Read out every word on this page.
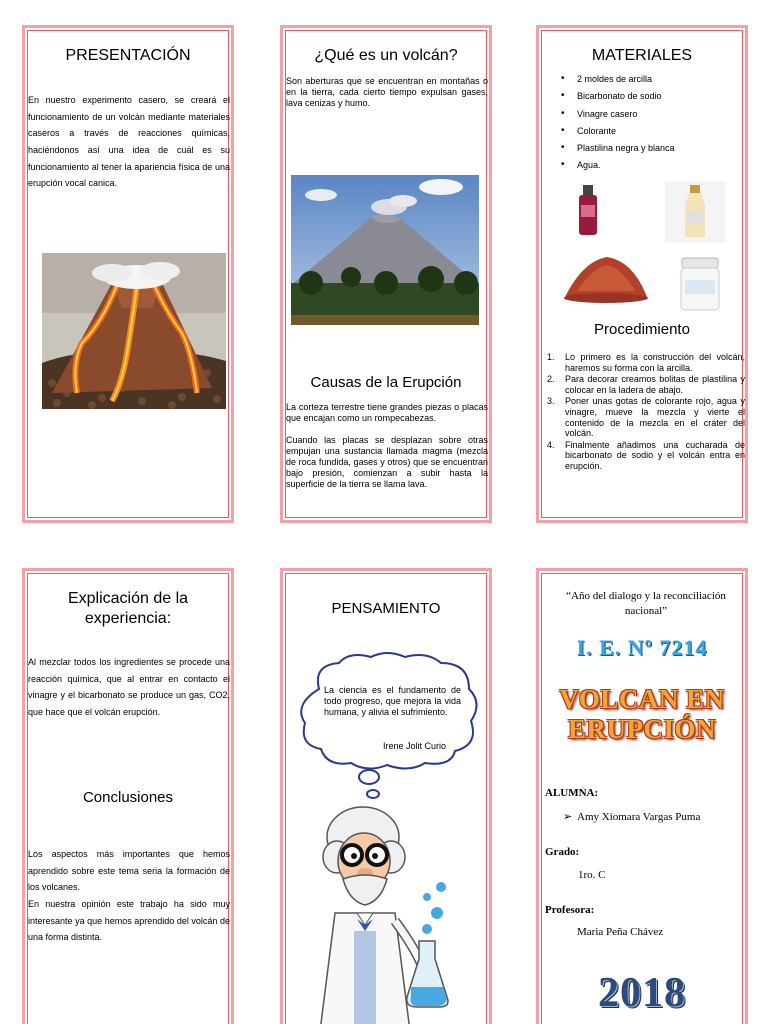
PRESENTACIÓN
En nuestro experimento casero, se creará el funcionamiento de un volcán mediante materiales caseros a través de reacciones químicas, haciéndonos así una idea de cuál es su funcionamiento al tener la apariencia física de una erupción vocal canica.
¿Qué es un volcán?
Son aberturas que se encuentran en montañas o en la tierra, cada cierto tiempo expulsan gases, lava cenizas y humo.
Causas de la Erupción
La corteza terrestre tiene grandes piezas o placas que encajan como un rompecabezas.
Cuando las placas se desplazan sobre otras empujan una sustancia llamada magma (mezcla de roca fundida, gases y otros) que se encuentran bajo presión, comienzan a subir hasta la superficie de la tierra se llama lava.
MATERIALES
• 2 moldes de arcilla
• Bicarbonato de sodio
• Vinagre casero
• Colorante
• Plastilina negra y blanca
• Agua.
Procedimiento
1. Lo primero es la construcción del volcán, haremos su forma con la arcilla.
2. Para decorar creamos bolitas de plastilina y colocar en la ladera de abajo.
3. Poner unas gotas de colorante rojo, agua y vinagre, mueve la mezcla y vierte el contenido de la mezcla en el cráter del volcán.
4. Finalmente añadimos una cucharada de bicarbonato de sodio y el volcán entra en erupción.
Explicación de la experiencia:
Al mezclar todos los ingredientes se procede una reacción química, que al entrar en contacto el vinagre y el bicarbonato se produce un gas, CO2, que hace que el volcán erupción.
Conclusiones
Los aspectos más importantes que hemos aprendido sobre este tema seria la formación de los volcanes.
En nuestra opinión este trabajo ha sido muy interesante ya que hemos aprendido del volcán de una forma distinta.
PENSAMIENTO
La ciencia es el fundamento de todo progreso, que mejora la vida humana, y alivia el sufrimiento.
Irene Jolit Curio
“Año del dialogo y la reconciliación nacional”
I. E. Nº 7214
VOLCAN EN
ERUPCIÓN
ALUMNA:
➢ Amy Xiomara Vargas Puma
Grado:
1ro. C
Profesora:
Maria Peña Chávez
2018
